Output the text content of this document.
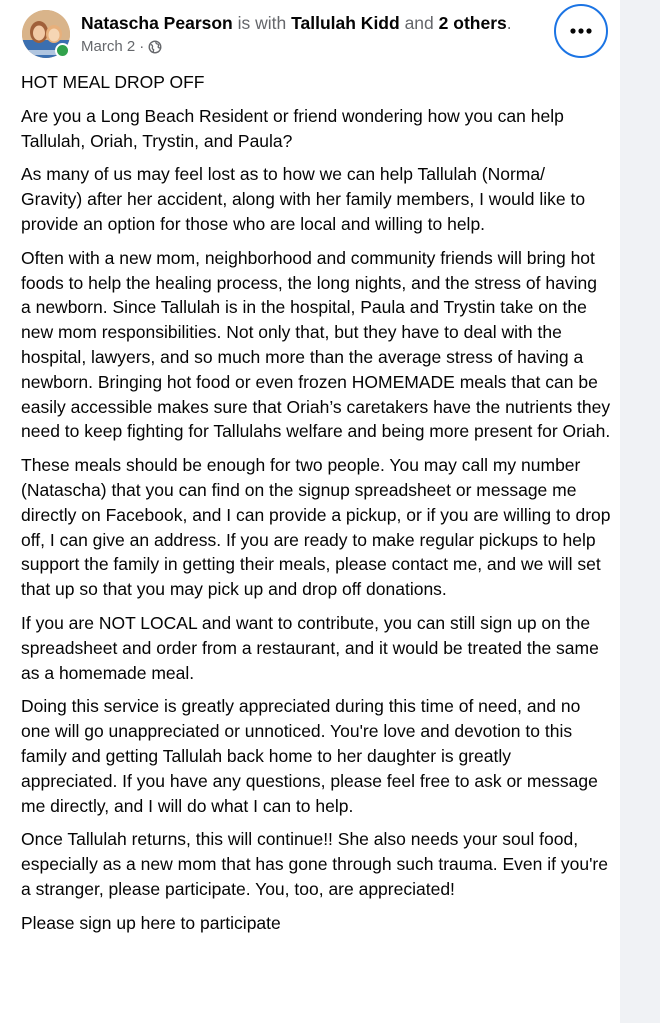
Natascha Pearson is with Tallulah Kidd and 2 others.
March 2 ·

HOT MEAL DROP OFF

Are you a Long Beach Resident or friend wondering how you can help Tallulah, Oriah, Trystin, and Paula?

As many of us may feel lost as to how we can help Tallulah (Norma/ Gravity) after her accident, along with her family members, I would like to provide an option for those who are local and willing to help.

Often with a new mom, neighborhood and community friends will bring hot foods to help the healing process, the long nights, and the stress of having a newborn. Since Tallulah is in the hospital, Paula and Trystin take on the new mom responsibilities. Not only that, but they have to deal with the hospital, lawyers, and so much more than the average stress of having a newborn. Bringing hot food or even frozen HOMEMADE meals that can be easily accessible makes sure that Oriah’s caretakers have the nutrients they need to keep fighting for Tallulahs welfare and being more present for Oriah.

These meals should be enough for two people. You may call my number (Natascha) that you can find on the signup spreadsheet or message me directly on Facebook, and I can provide a pickup, or if you are willing to drop off, I can give an address. If you are ready to make regular pickups to help support the family in getting their meals, please contact me, and we will set that up so that you may pick up and drop off donations.

If you are NOT LOCAL and want to contribute, you can still sign up on the spreadsheet and order from a restaurant, and it would be treated the same as a homemade meal.

Doing this service is greatly appreciated during this time of need, and no one will go unappreciated or unnoticed. You're love and devotion to this family and getting Tallulah back home to her daughter is greatly appreciated. If you have any questions, please feel free to ask or message me directly, and I will do what I can to help.

Once Tallulah returns, this will continue!! She also needs your soul food, especially as a new mom that has gone through such trauma. Even if you're a stranger, please participate. You, too, are appreciated!

Please sign up here to participate
